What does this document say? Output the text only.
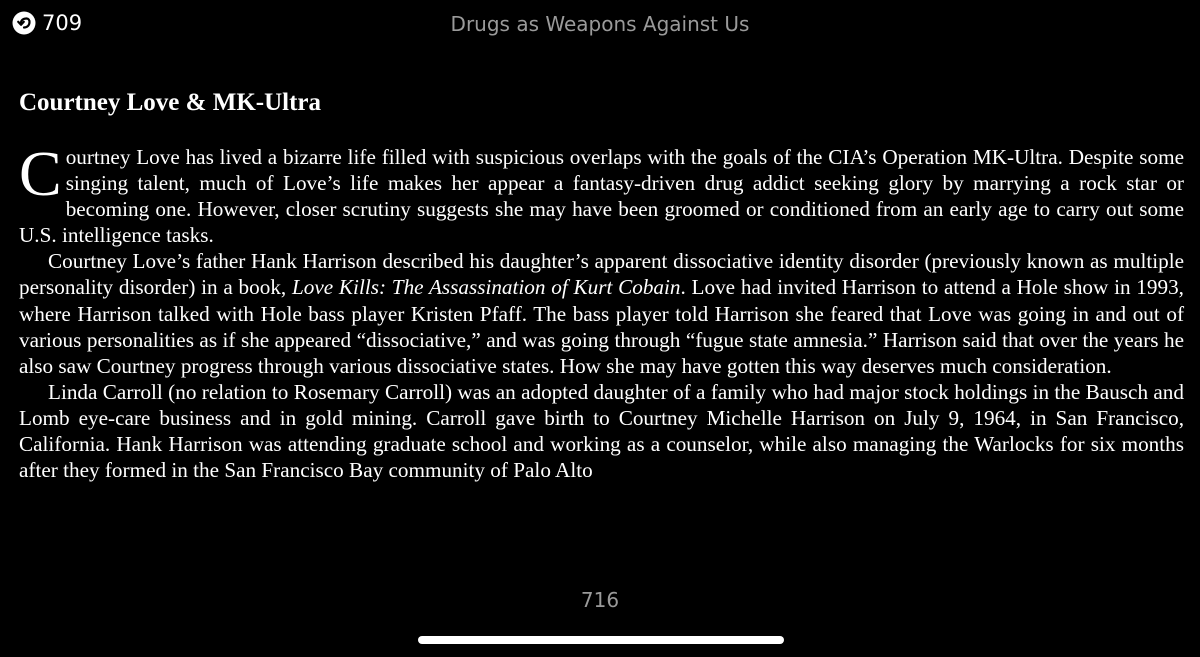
709	Drugs as Weapons Against Us
Courtney Love & MK-Ultra

Courtney Love has lived a bizarre life filled with suspicious overlaps with the goals of the CIA’s Operation MK-Ultra. Despite some singing talent, much of Love’s life makes her appear a fantasy-driven drug addict seeking glory by marrying a rock star or becoming one. However, closer scrutiny suggests she may have been groomed or conditioned from an early age to carry out some U.S. intelligence tasks.

Courtney Love’s father Hank Harrison described his daughter’s apparent dissociative identity disorder (previously known as multiple personality disorder) in a book, Love Kills: The Assassination of Kurt Cobain. Love had invited Harrison to attend a Hole show in 1993, where Harrison talked with Hole bass player Kristen Pfaff. The bass player told Harrison she feared that Love was going in and out of various personalities as if she appeared “dissociative,” and was going through “fugue state amnesia.” Harrison said that over the years he also saw Courtney progress through various dissociative states. How she may have gotten this way deserves much consideration.

Linda Carroll (no relation to Rosemary Carroll) was an adopted daughter of a family who had major stock holdings in the Bausch and Lomb eye-care business and in gold mining. Carroll gave birth to Courtney Michelle Harrison on July 9, 1964, in San Francisco, California. Hank Harrison was attending graduate school and working as a counselor, while also managing the Warlocks for six months after they formed in the San Francisco Bay community of Palo Alto

716
